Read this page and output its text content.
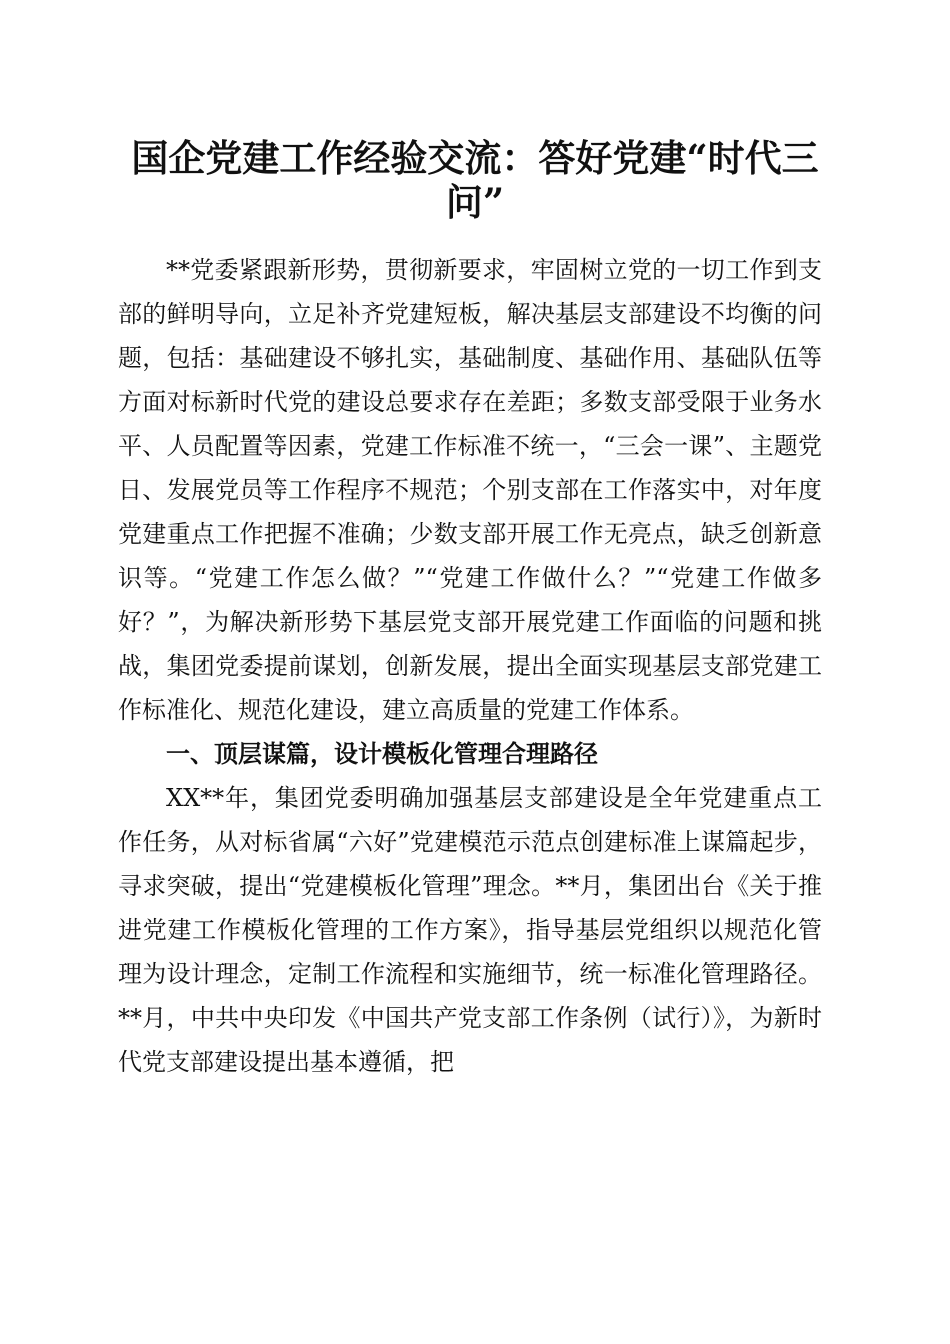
国企党建工作经验交流：答好党建“时代三问”

**党委紧跟新形势，贯彻新要求，牢固树立党的一切工作到支部的鲜明导向，立足补齐党建短板，解决基层支部建设不均衡的问题，包括：基础建设不够扎实，基础制度、基础作用、基础队伍等方面对标新时代党的建设总要求存在差距；多数支部受限于业务水平、人员配置等因素，党建工作标准不统一，“三会一课”、主题党日、发展党员等工作程序不规范；个别支部在工作落实中，对年度党建重点工作把握不准确；少数支部开展工作无亮点，缺乏创新意识等。“党建工作怎么做？”“党建工作做什么？”“党建工作做多好？”，为解决新形势下基层党支部开展党建工作面临的问题和挑战，集团党委提前谋划，创新发展，提出全面实现基层支部党建工作标准化、规范化建设，建立高质量的党建工作体系。

一、顶层谋篇，设计模板化管理合理路径

XX**年，集团党委明确加强基层支部建设是全年党建重点工作任务，从对标省属“六好”党建模范示范点创建标准上谋篇起步，寻求突破，提出“党建模板化管理”理念。**月，集团出台《关于推进党建工作模板化管理的工作方案》，指导基层党组织以规范化管理为设计理念，定制工作流程和实施细节，统一标准化管理路径。**月，中共中央印发《中国共产党支部工作条例（试行）》，为新时代党支部建设提出基本遵循，把
